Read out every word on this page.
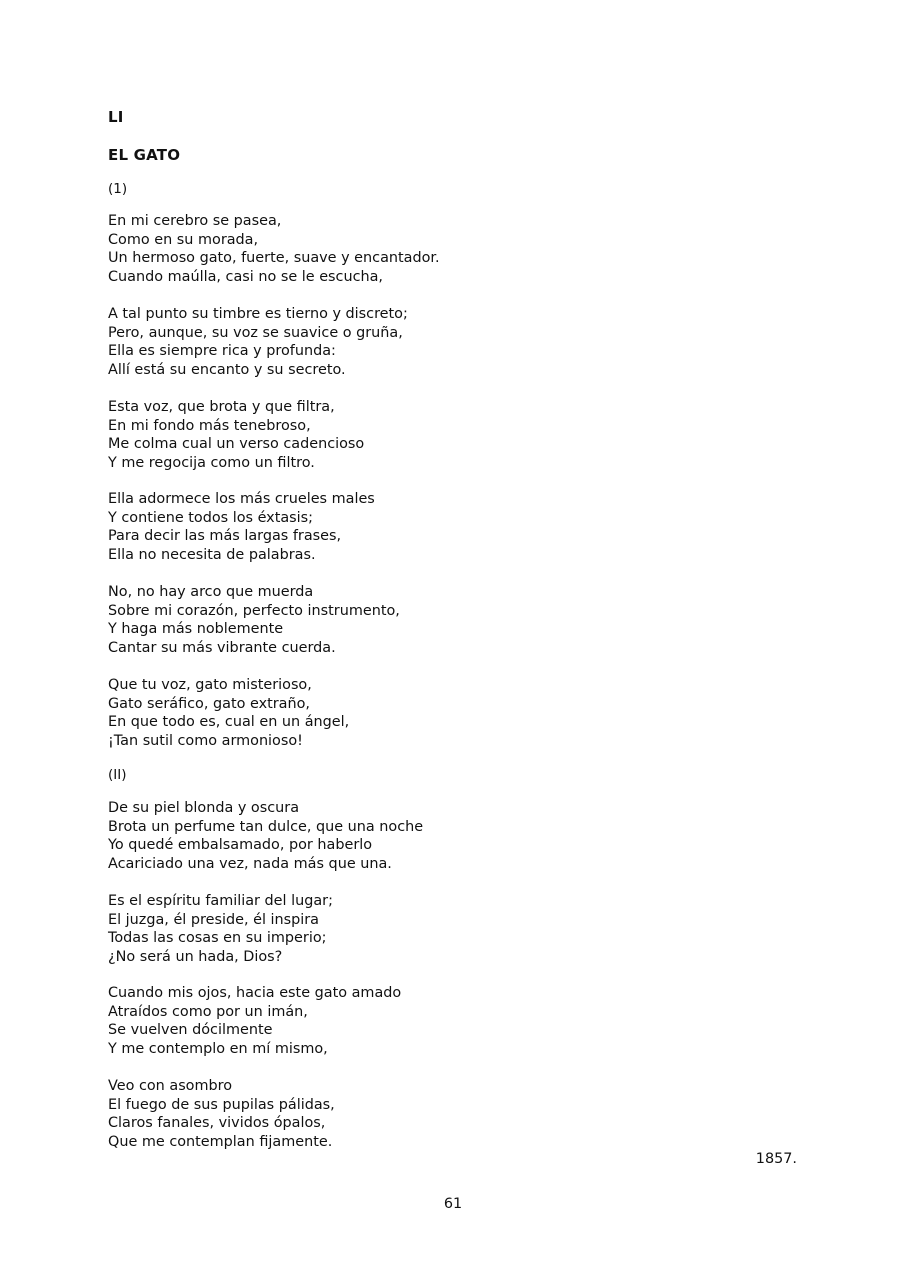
LI
EL GATO
(1)
En mi cerebro se pasea,
Como en su morada,
Un hermoso gato, fuerte, suave y encantador.
Cuando maúlla, casi no se le escucha,
A tal punto su timbre es tierno y discreto;
Pero, aunque, su voz se suavice o gruña,
Ella es siempre rica y profunda:
Allí está su encanto y su secreto.
Esta voz, que brota y que filtra,
En mi fondo más tenebroso,
Me colma cual un verso cadencioso
Y me regocija como un filtro.
Ella adormece los más crueles males
Y contiene todos los éxtasis;
Para decir las más largas frases,
Ella no necesita de palabras.
No, no hay arco que muerda
Sobre mi corazón, perfecto instrumento,
Y haga más noblemente
Cantar su más vibrante cuerda.
Que tu voz, gato misterioso,
Gato seráfico, gato extraño,
En que todo es, cual en un ángel,
¡Tan sutil como armonioso!
(II)
De su piel blonda y oscura
Brota un perfume tan dulce, que una noche
Yo quedé embalsamado, por haberlo
Acariciado una vez, nada más que una.
Es el espíritu familiar del lugar;
El juzga, él preside, él inspira
Todas las cosas en su imperio;
¿No será un hada, Dios?
Cuando mis ojos, hacia este gato amado
Atraídos como por un imán,
Se vuelven dócilmente
Y me contemplo en mí mismo,
Veo con asombro
El fuego de sus pupilas pálidas,
Claros fanales, vividos ópalos,
Que me contemplan fijamente.
1857.
61
